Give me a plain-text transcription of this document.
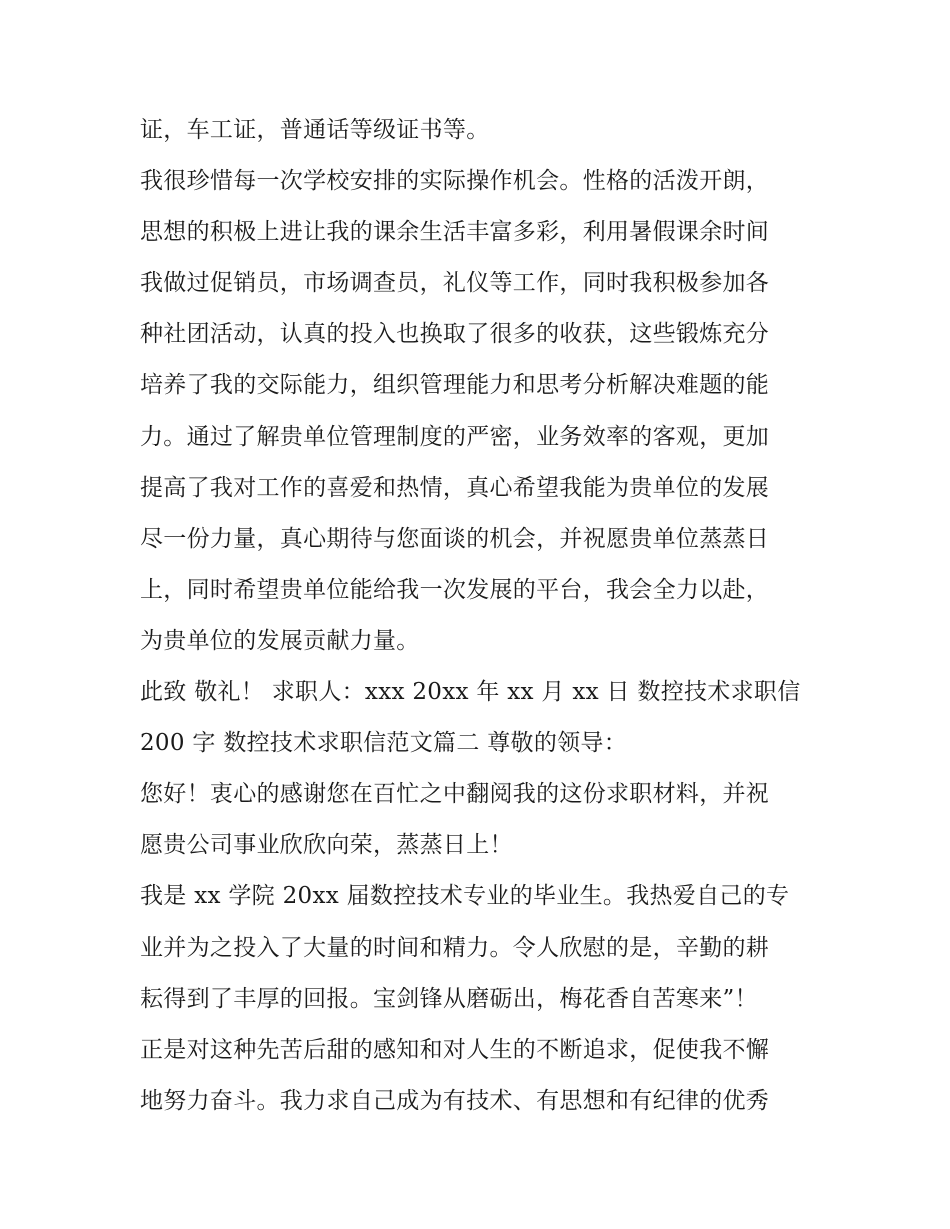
证，车工证，普通话等级证书等。
我很珍惜每一次学校安排的实际操作机会。性格的活泼开朗，
思想的积极上进让我的课余生活丰富多彩，利用暑假课余时间
我做过促销员，市场调查员，礼仪等工作，同时我积极参加各
种社团活动，认真的投入也换取了很多的收获，这些锻炼充分
培养了我的交际能力，组织管理能力和思考分析解决难题的能
力。通过了解贵单位管理制度的严密，业务效率的客观，更加
提高了我对工作的喜爱和热情，真心希望我能为贵单位的发展
尽一份力量，真心期待与您面谈的机会，并祝愿贵单位蒸蒸日
上，同时希望贵单位能给我一次发展的平台，我会全力以赴，
为贵单位的发展贡献力量。
此致 敬礼！ 求职人：xxx 20xx 年 xx 月 xx 日 数控技术求职信
200 字 数控技术求职信范文篇二 尊敬的领导：
您好！衷心的感谢您在百忙之中翻阅我的这份求职材料，并祝
愿贵公司事业欣欣向荣，蒸蒸日上！
我是 xx 学院 20xx 届数控技术专业的毕业生。我热爱自己的专
业并为之投入了大量的时间和精力。令人欣慰的是，辛勤的耕
耘得到了丰厚的回报。宝剑锋从磨砺出，梅花香自苦寒来”！
正是对这种先苦后甜的感知和对人生的不断追求，促使我不懈
地努力奋斗。我力求自己成为有技术、有思想和有纪律的优秀
